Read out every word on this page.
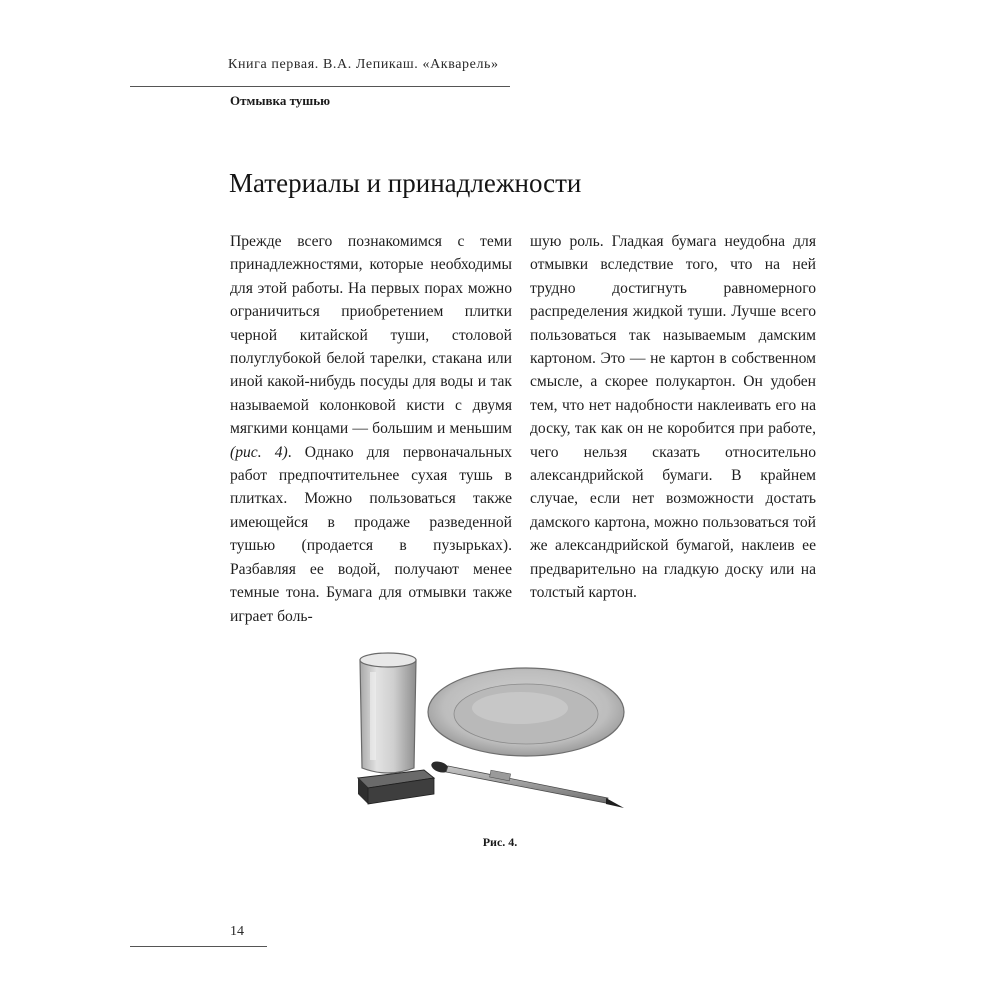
Книга первая. В.А. Лепикаш. «Акварель»
Отмывка тушью
Материалы и принадлежности

Прежде всего познакомимся с теми принадлежностями, которые необходимы для этой работы. На первых порах можно ограничиться приобретением плитки черной китайской туши, столовой полуглубокой белой тарелки, стакана или иной какой-нибудь посуды для воды и так называемой колонковой кисти с двумя мягкими концами — большим и меньшим (рис. 4). Однако для первоначальных работ предпочтительнее сухая тушь в плитках. Можно пользоваться также имеющейся в продаже разведенной тушью (продается в пузырьках). Разбавляя ее водой, получают менее темные тона. Бумага для отмывки также играет боль-

шую роль. Гладкая бумага неудобна для отмывки вследствие того, что на ней трудно достигнуть равномерного распределения жидкой туши. Лучше всего пользоваться так называемым дамским картоном. Это — не картон в собственном смысле, а скорее полукартон. Он удобен тем, что нет надобности наклеивать его на доску, так как он не коробится при работе, чего нельзя сказать относительно александрийской бумаги. В крайнем случае, если нет возможности достать дамского картона, можно пользоваться той же александрийской бумагой, наклеив ее предварительно на гладкую доску или на толстый картон.

Рис. 4.
14
